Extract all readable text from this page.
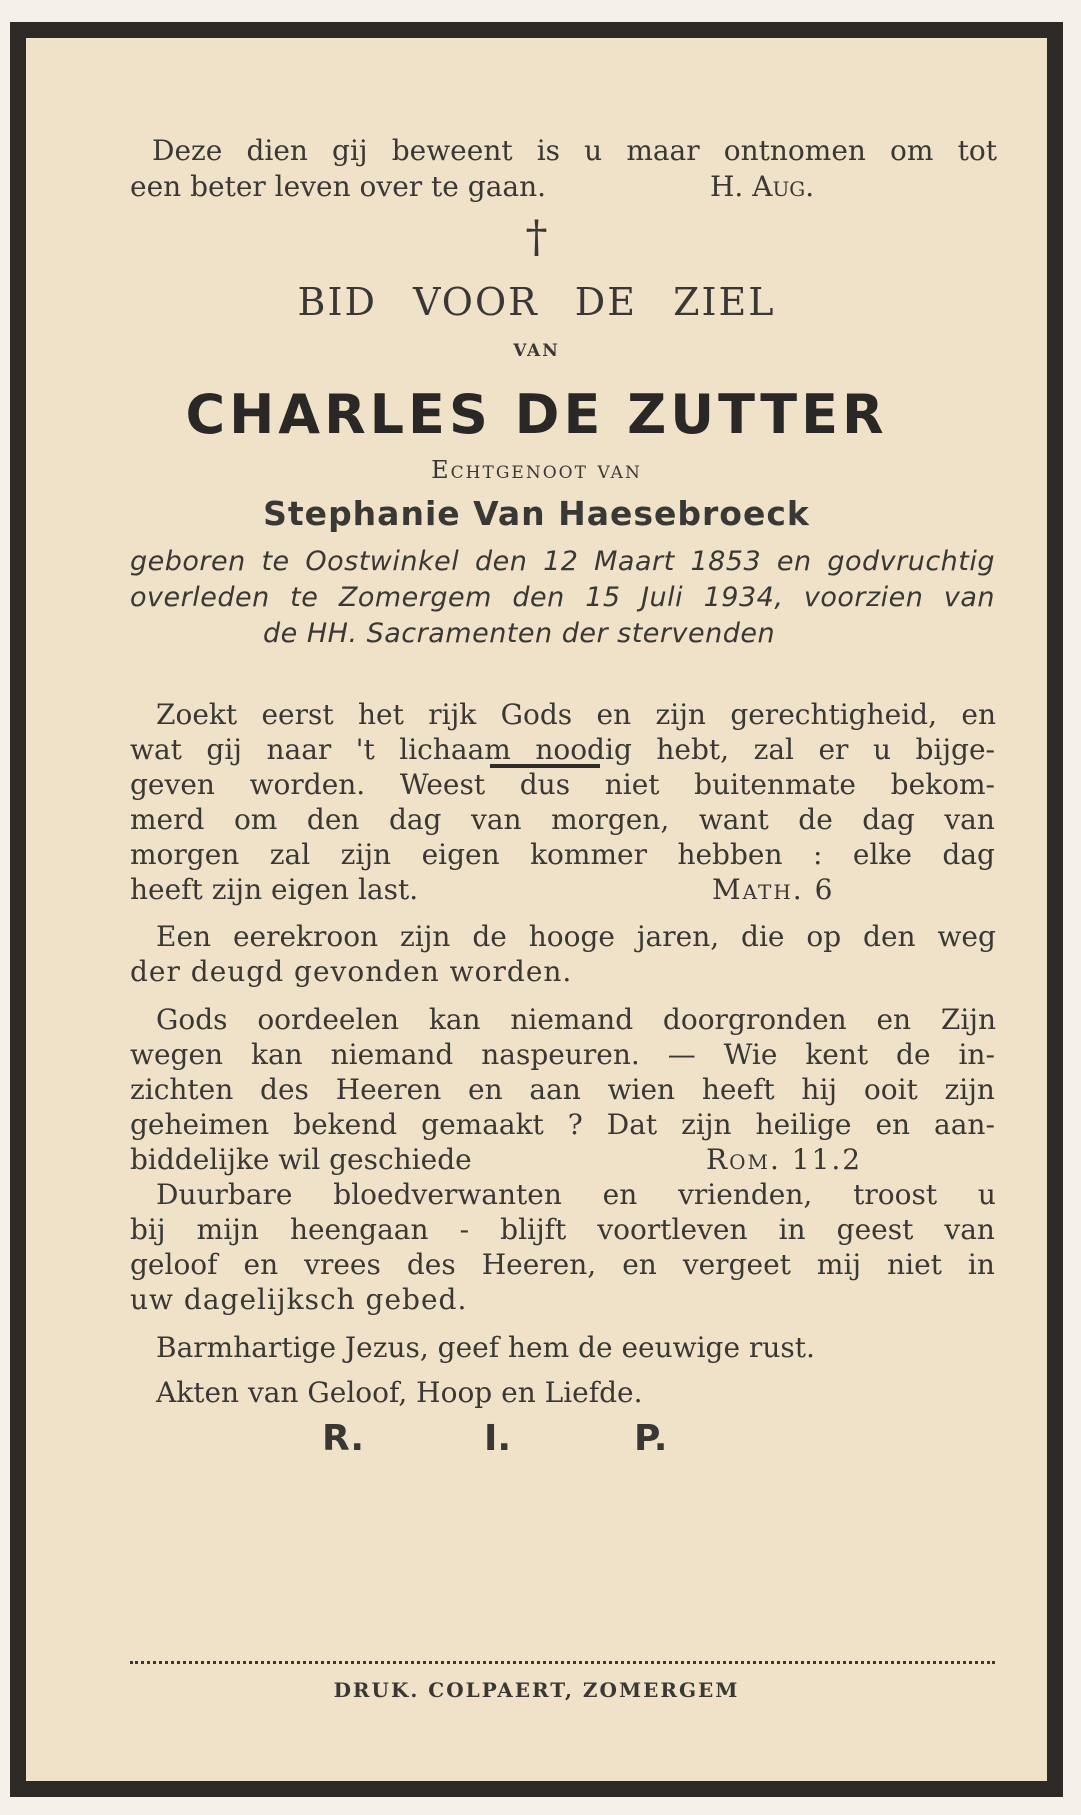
Deze dien gij beweent is u maar ontnomen om tot
een beter leven over te gaan.	H. Aug.
†
BID VOOR DE ZIEL
VAN
CHARLES DE ZUTTER
Echtgenoot van
Stephanie Van Haesebroeck
geboren te Oostwinkel den 12 Maart 1853 en godvruchtig
overleden te Zomergem den 15 Juli 1934, voorzien van
de HH. Sacramenten der stervenden
Zoekt eerst het rijk Gods en zijn gerechtigheid, en
wat gij naar 't lichaam noodig hebt, zal er u bijge-
geven worden. Weest dus niet buitenmate bekom-
merd om den dag van morgen, want de dag van
morgen zal zijn eigen kommer hebben : elke dag
heeft zijn eigen last.	Math. 6
Een eerekroon zijn de hooge jaren, die op den weg
der deugd gevonden worden.
Gods oordeelen kan niemand doorgronden en Zijn
wegen kan niemand naspeuren. — Wie kent de in-
zichten des Heeren en aan wien heeft hij ooit zijn
geheimen bekend gemaakt ? Dat zijn heilige en aan-
biddelijke wil geschiede	Rom. 11.2
Duurbare bloedverwanten en vrienden, troost u
bij mijn heengaan - blijft voortleven in geest van
geloof en vrees des Heeren, en vergeet mij niet in
uw dagelijksch gebed.
Barmhartige Jezus, geef hem de eeuwige rust.
Akten van Geloof, Hoop en Liefde.
R.	I.	P.
DRUK. COLPAERT, ZOMERGEM
